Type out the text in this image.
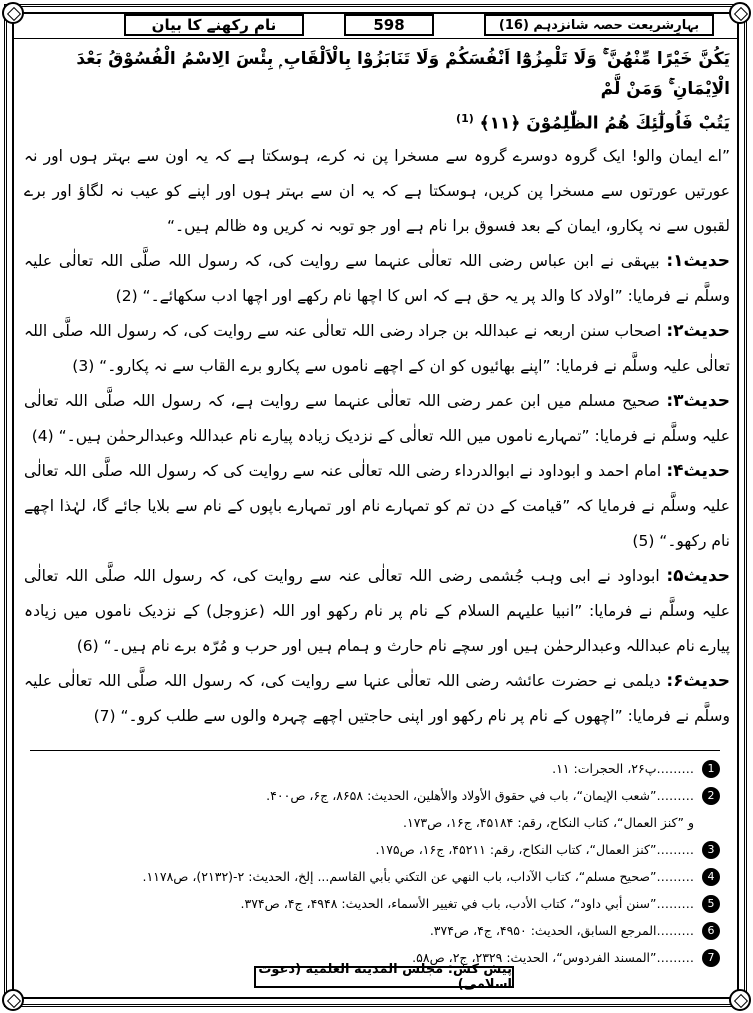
نام رکھنے کا بیان	598	بہارِشریعت حصہ شانزدہم (16)
يَكُنَّ خَيْرًا مِّنْهُنَّ ۚ وَلَا تَلْمِزُوْٓا اَنْفُسَكُمْ وَلَا تَنَابَزُوْا بِالْاَلْقَابِ ۭ بِئْسَ الِاسْمُ الْفُسُوْقُ بَعْدَ الْاِيْمَانِ ۚ وَمَنْ لَّمْ
يَتُبْ فَاُولٰٓئِكَ هُمُ الظّٰلِمُوْنَ ﴿۱۱﴾ $^{(1)}$

”اے ایمان والو! ایک گروہ دوسرے گروہ سے مسخرا پن نہ کرے، ہوسکتا ہے کہ یہ اون سے بہتر ہوں اور نہ عورتیں عورتوں سے مسخرا پن کریں، ہوسکتا ہے کہ یہ ان سے بہتر ہوں اور اپنے کو عیب نہ لگاؤ اور برے لقبوں سے نہ پکارو، ایمان کے بعد فسوق برا نام ہے اور جو توبہ نہ کریں وہ ظالم ہیں۔“

حدیث۱: بیہقی نے ابن عباس رضی اللہ تعالٰی عنہما سے روایت کی، کہ رسول اللہ صلَّی اللہ تعالٰی علیہ وسلَّم نے فرمایا: ”اولاد کا والد پر یہ حق ہے کہ اس کا اچھا نام رکھے اور اچھا ادب سکھائے۔“ (2)

حدیث۲: اصحاب سنن اربعہ نے عبداللہ بن جراد رضی اللہ تعالٰی عنہ سے روایت کی، کہ رسول اللہ صلَّی اللہ تعالٰی علیہ وسلَّم نے فرمایا: ”اپنے بھائیوں کو ان کے اچھے ناموں سے پکارو برے القاب سے نہ پکارو۔“ (3)

حدیث۳: صحیح مسلم میں ابن عمر رضی اللہ تعالٰی عنہما سے روایت ہے، کہ رسول اللہ صلَّی اللہ تعالٰی علیہ وسلَّم نے فرمایا: ”تمہارے ناموں میں اللہ تعالٰی کے نزدیک زیادہ پیارے نام عبداللہ وعبدالرحمٰن ہیں۔“ (4)

حدیث۴: امام احمد و ابوداود نے ابوالدرداء رضی اللہ تعالٰی عنہ سے روایت کی کہ رسول اللہ صلَّی اللہ تعالٰی علیہ وسلَّم نے فرمایا کہ ”قیامت کے دن تم کو تمہارے نام اور تمہارے باپوں کے نام سے بلایا جائے گا، لہٰذا اچھے نام رکھو۔“ (5)

حدیث۵: ابوداود نے ابی وہب جُشمی رضی اللہ تعالٰی عنہ سے روایت کی، کہ رسول اللہ صلَّی اللہ تعالٰی علیہ وسلَّم نے فرمایا: ”انبیا علیہم السلام کے نام پر نام رکھو اور اللہ (عزوجل) کے نزدیک ناموں میں زیادہ پیارے نام عبداللہ وعبدالرحمٰن ہیں اور سچے نام حارث و ہمام ہیں اور حرب و مُرّہ برے نام ہیں۔“ (6)

حدیث۶: دیلمی نے حضرت عائشہ رضی اللہ تعالٰی عنہا سے روایت کی، کہ رسول اللہ صلَّی اللہ تعالٰی علیہ وسلَّم نے فرمایا: ”اچھوں کے نام پر نام رکھو اور اپنی حاجتیں اچھے چہرہ والوں سے طلب کرو۔“ (7)

1
………پ۲۶، الحجرات: ۱۱.
2
………”شعب الإيمان“، باب في حقوق الأولاد والأهلين، الحديث: ۸۶۵۸، ج۶، ص۴۰۰.
و ”كنز العمال“، كتاب النكاح، رقم: ۴۵۱۸۴، ج۱۶، ص۱۷۳.
3
………”كنز العمال“، كتاب النكاح، رقم: ۴۵۲۱۱، ج۱۶، ص۱۷۵.
4
………”صحيح مسلم“، كتاب الآداب، باب النهي عن التكني بأبي القاسم... إلخ، الحديث: ۲-(۲۱۳۲)، ص۱۱۷۸.
5
………”سنن أبي داود“، كتاب الأدب، باب في تغيير الأسماء، الحديث: ۴۹۴۸، ج۴، ص۳۷۴.
6
………المرجع السابق، الحديث: ۴۹۵۰، ج۴، ص۳۷۴.
7
………”المسند الفردوس“، الحديث: ۲۳۲۹، ج۲، ص۵۸.
پیش کش: مجلس المدينة العلمية (دعوت اسلامی)
